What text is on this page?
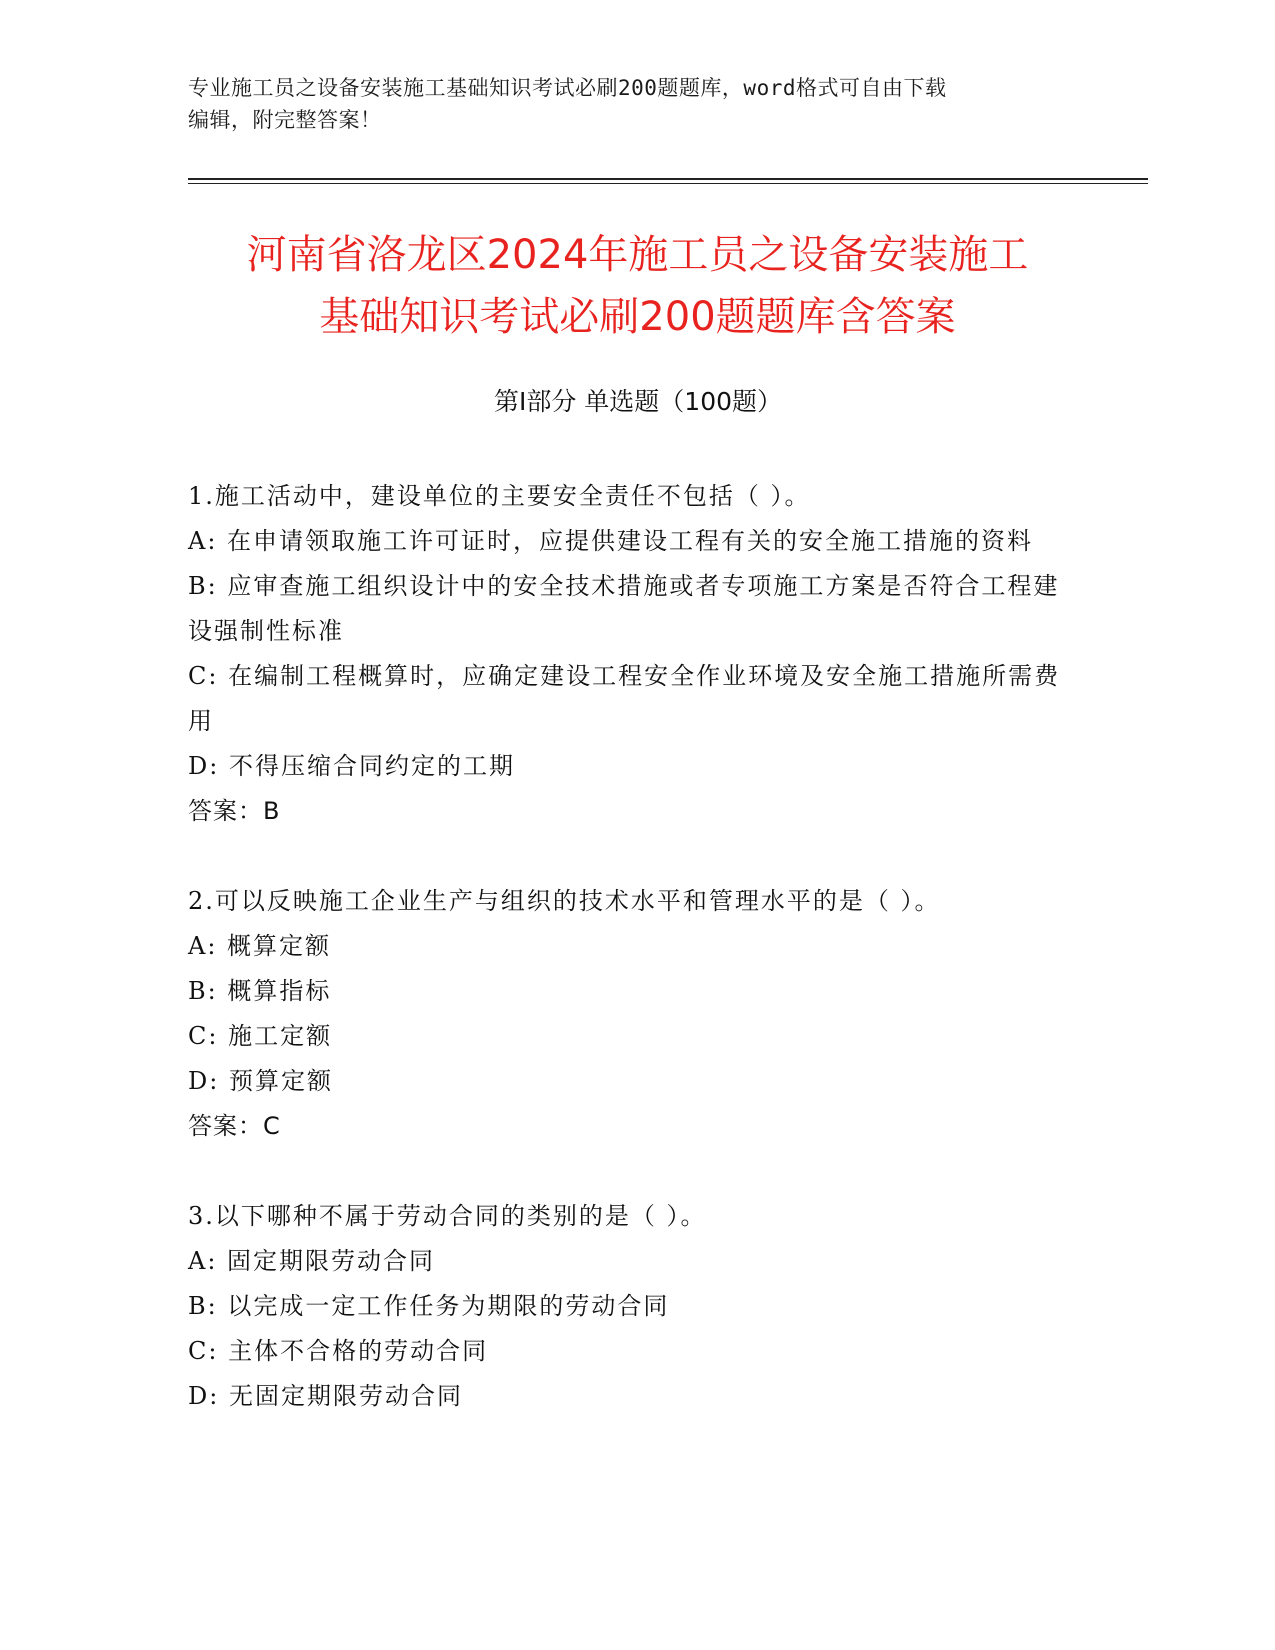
专业施工员之设备安装施工基础知识考试必刷200题题库，word格式可自由下载
编辑，附完整答案！
河南省洛龙区2024年施工员之设备安装施工
基础知识考试必刷200题题库含答案
第Ⅰ部分 单选题（100题）
1.施工活动中，建设单位的主要安全责任不包括（ ）。
A: 在申请领取施工许可证时，应提供建设工程有关的安全施工措施的资料
B: 应审查施工组织设计中的安全技术措施或者专项施工方案是否符合工程建设强制性标准
C: 在编制工程概算时，应确定建设工程安全作业环境及安全施工措施所需费用
D: 不得压缩合同约定的工期
答案：B
2.可以反映施工企业生产与组织的技术水平和管理水平的是（ ）。
A: 概算定额
B: 概算指标
C: 施工定额
D: 预算定额
答案：C
3.以下哪种不属于劳动合同的类别的是（ ）。
A: 固定期限劳动合同
B: 以完成一定工作任务为期限的劳动合同
C: 主体不合格的劳动合同
D: 无固定期限劳动合同
